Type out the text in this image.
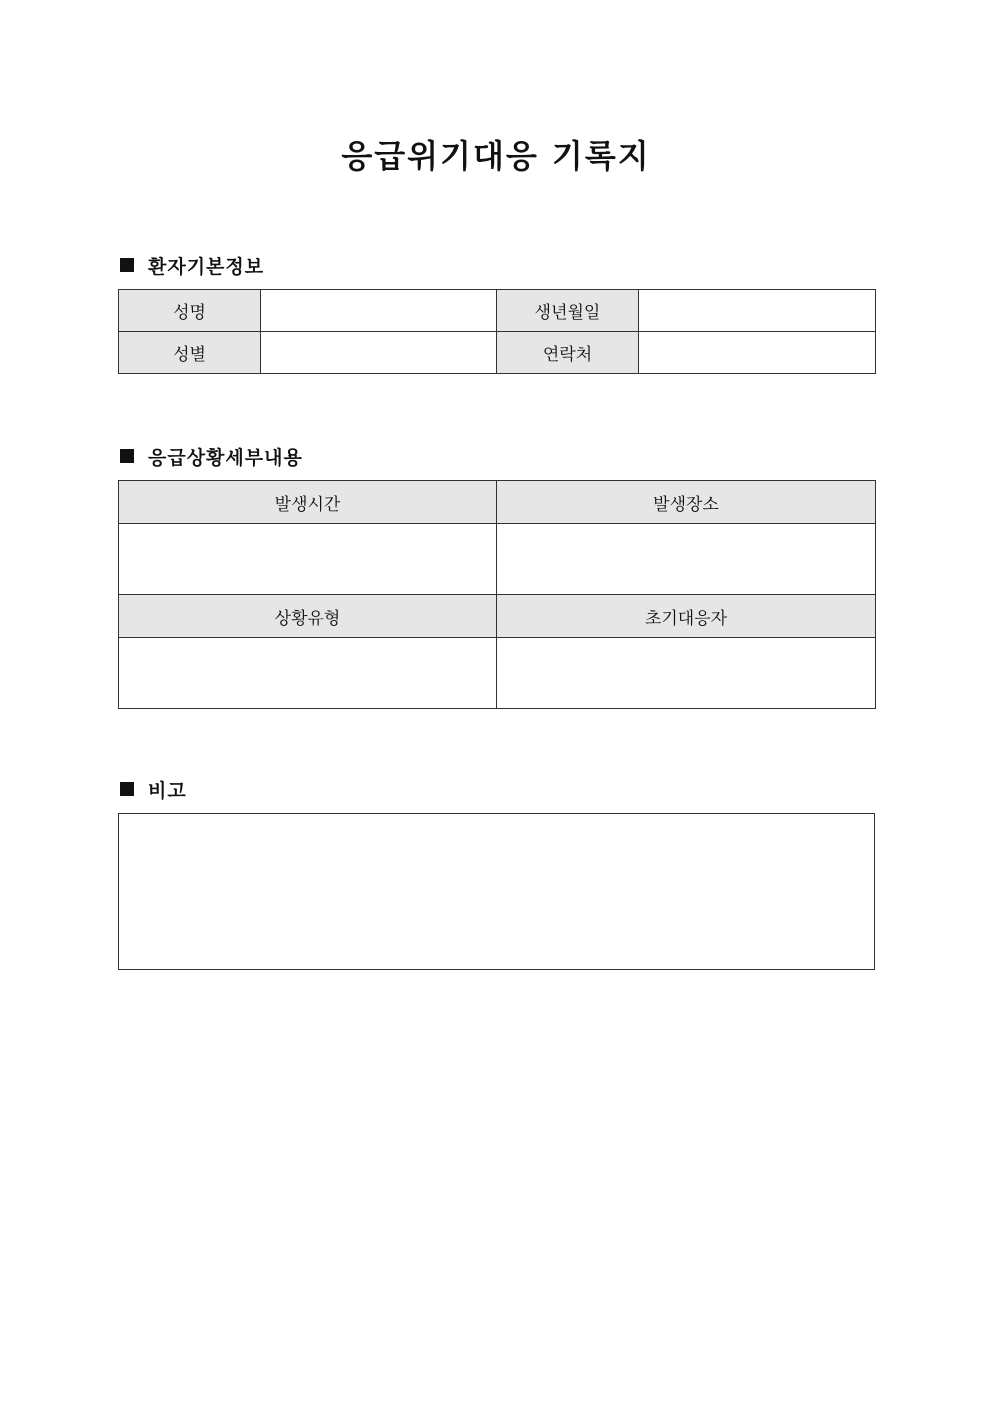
응급위기대응 기록지
환자기본정보
성명		생년월일	
성별		연락처	
응급상황세부내용
발생시간	발생장소

상황유형	초기대응자

비고
